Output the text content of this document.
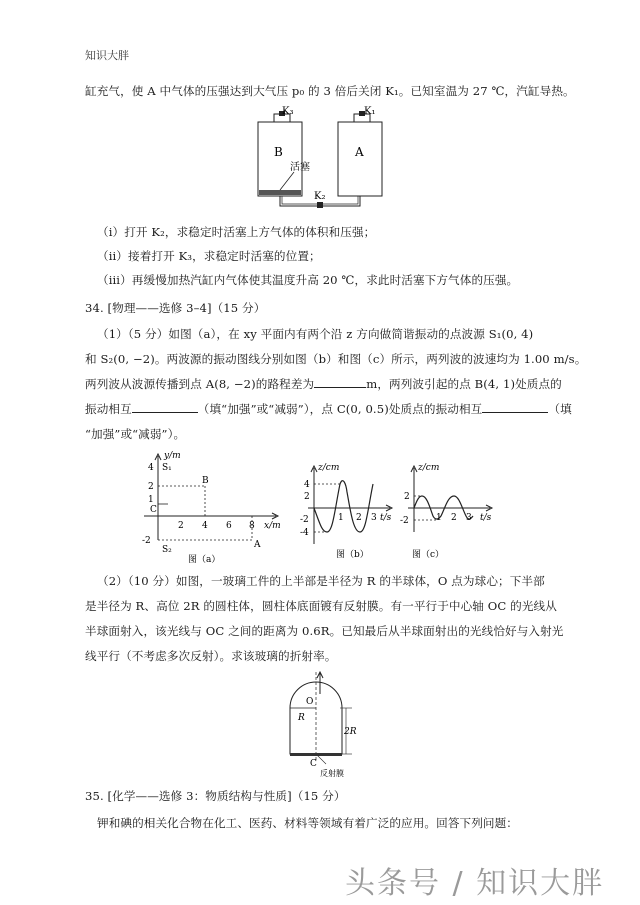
知识大胖
缸充气，使 A 中气体的压强达到大气压 p₀ 的 3 倍后关闭 K₁。已知室温为 27 ℃，汽缸导热。
K₃	K₁
K₂
B	A
活塞
（i）打开 K₂，求稳定时活塞上方气体的体积和压强；
（ii）接着打开 K₃，求稳定时活塞的位置；
（iii）再缓慢加热汽缸内气体使其温度升高 20 ℃，求此时活塞下方气体的压强。
34. [物理——选修 3–4]（15 分）
（1）（5 分）如图（a），在 xy 平面内有两个沿 z 方向做简谐振动的点波源 S₁(0, 4)
和 S₂(0, −2)。两波源的振动图线分别如图（b）和图（c）所示，两列波的波速均为 1.00 m/s。
两列波从波源传播到点 A(8, −2)的路程差为	m，两列波引起的点 B(4, 1)处质点的
振动相互	（填“加强”或“减弱”），点 C(0, 0.5)处质点的振动相互	（填
“加强”或“减弱”）。
y/m
x/m
4
2
1
-2
2 4 6 8
S₁
S₂
B
C
A
图（a）
z/cm
t/s
4
2
-2
-4
1 2 3
图（b）
z/cm
t/s
2
-2	1 2 3
图（c）
（2）（10 分）如图，一玻璃工件的上半部是半径为 R 的半球体，O 点为球心；下半部
是半径为 R、高位 2R 的圆柱体，圆柱体底面镀有反射膜。有一平行于中心轴 OC 的光线从
半球面射入，该光线与 OC 之间的距离为 0.6R。已知最后从半球面射出的光线恰好与入射光
线平行（不考虑多次反射）。求该玻璃的折射率。
O
R
2R
C
反射膜
35. [化学——选修 3：物质结构与性质]（15 分）
钾和碘的相关化合物在化工、医药、材料等领域有着广泛的应用。回答下列问题：
头条号 / 知识大胖
